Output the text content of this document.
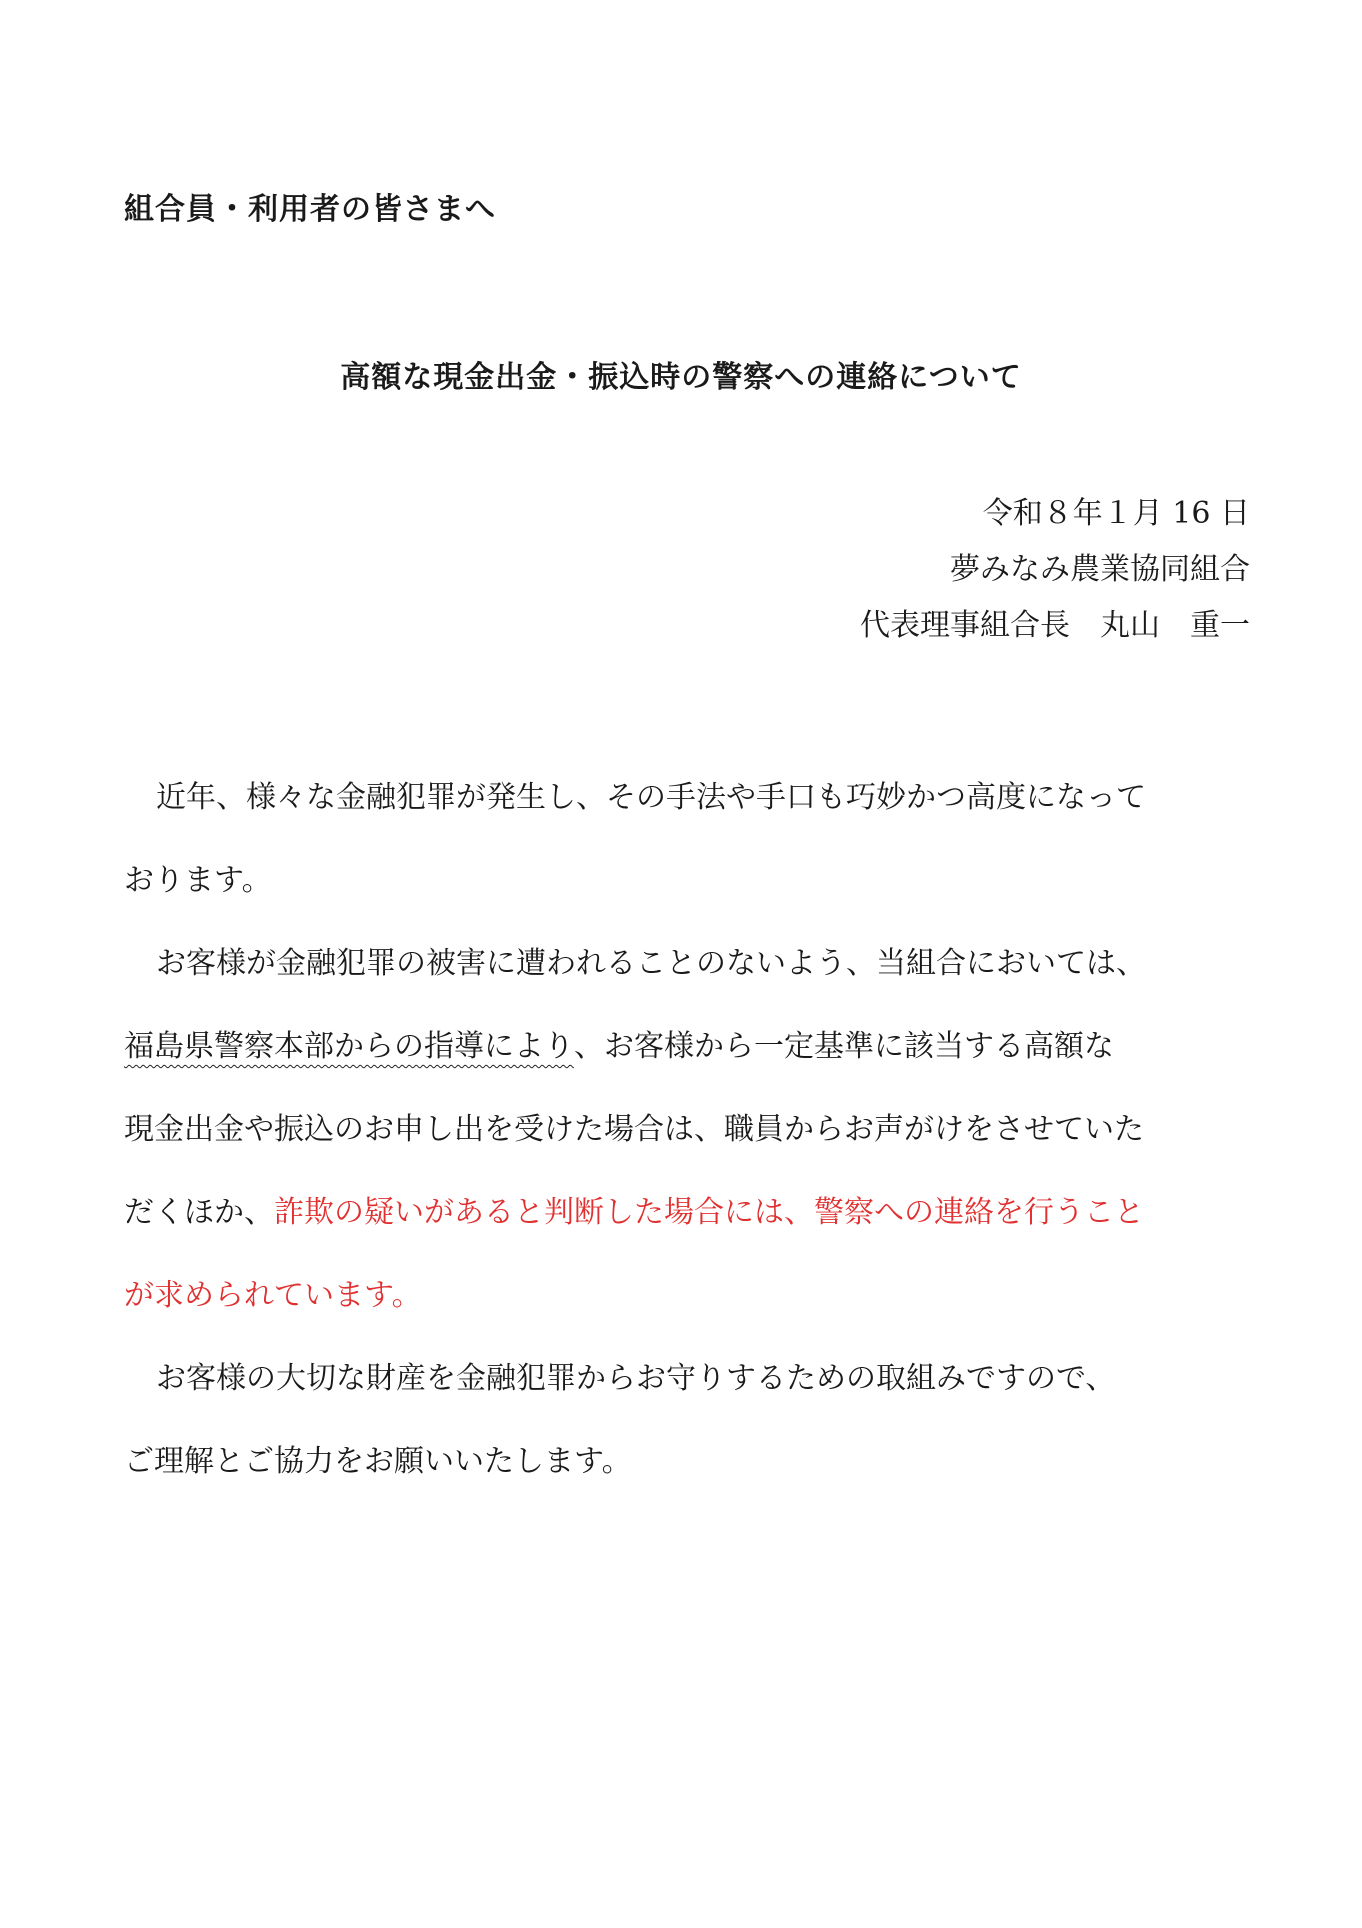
組合員・利用者の皆さまへ
高額な現金出金・振込時の警察への連絡について
令和８年１月 16 日
夢みなみ農業協同組合
代表理事組合長　丸山　重一
近年、様々な金融犯罪が発生し、その手法や手口も巧妙かつ高度になって
おります。
お客様が金融犯罪の被害に遭われることのないよう、当組合においては、
福島県警察本部からの指導により、お客様から一定基準に該当する高額な
現金出金や振込のお申し出を受けた場合は、職員からお声がけをさせていた
だくほか、詐欺の疑いがあると判断した場合には、警察への連絡を行うこと
が求められています。
お客様の大切な財産を金融犯罪からお守りするための取組みですので、
ご理解とご協力をお願いいたします。
